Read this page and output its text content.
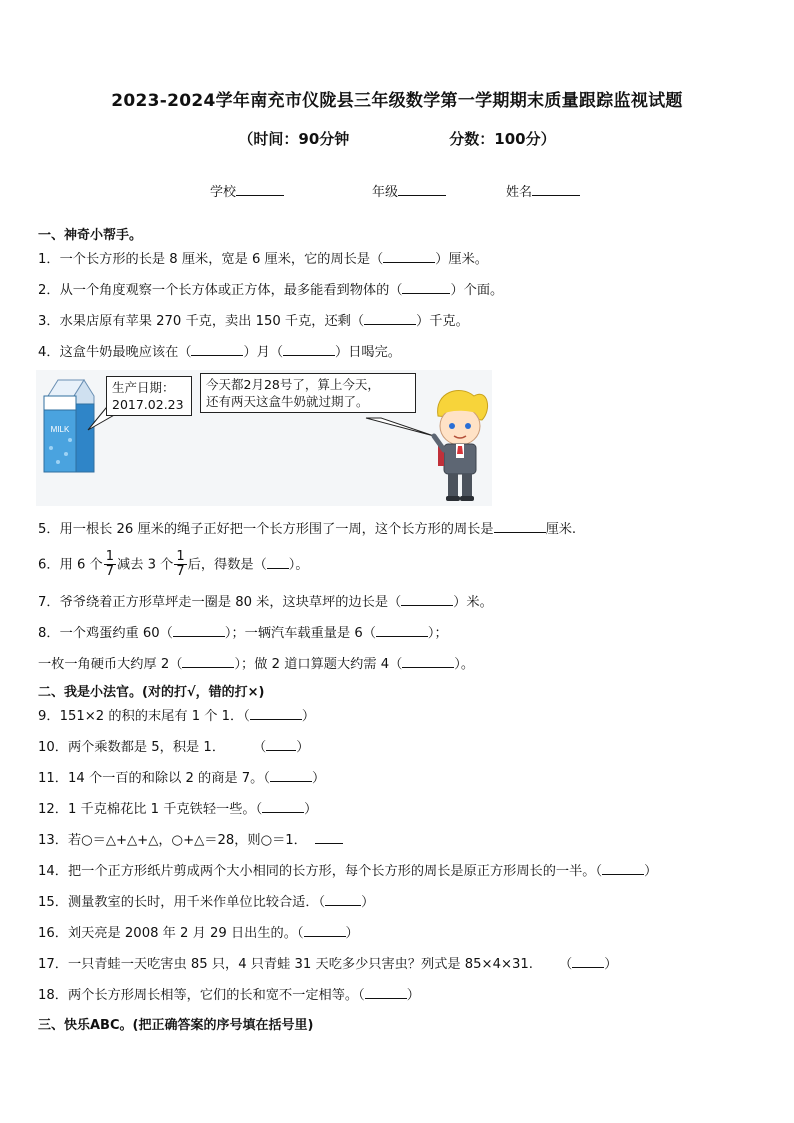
2023-2024学年南充市仪陇县三年级数学第一学期期末质量跟踪监视试题
（时间：90分钟	分数：100分）
学校	年级	姓名
一、神奇小帮手。
1．一个长方形的长是 8 厘米，宽是 6 厘米，它的周长是（	）厘米。
2．从一个角度观察一个长方体或正方体，最多能看到物体的（	）个面。
3．水果店原有苹果 270 千克，卖出 150 千克，还剩（	）千克。
4．这盒牛奶最晚应该在（	）月（	）日喝完。
MILK
生产日期：
2017.02.23
今天都2月28号了，算上今天，
还有两天这盒牛奶就过期了。
5．用一根长 26 厘米的绳子正好把一个长方形围了一周，这个长方形的周长是	厘米.
6．用 6 个 $\frac{1}{7}$ 减去 3 个 $\frac{1}{7}$ 后，得数是（ ）。
7．爷爷绕着正方形草坪走一圈是 80 米，这块草坪的边长是（	）米。
8．一个鸡蛋约重 60（	）；一辆汽车载重量是 6（	）；
一枚一角硬币大约厚 2（	）；做 2 道口算题大约需 4（	）。
二、我是小法官。(对的打√，错的打×)
9．151×2 的积的末尾有 1 个 1．（	）
10．两个乘数都是 5，积是 1． （ ）
11．14 个一百的和除以 2 的商是 7。（	）
12．1 千克棉花比 1 千克铁轻一些。（	）
13．若○＝△+△+△，○+△＝28，则○＝1．
14．把一个正方形纸片剪成两个大小相同的长方形，每个长方形的周长是原正方形周长的一半。（	）
15．测量教室的长时，用千米作单位比较合适．（	）
16．刘天亮是 2008 年 2 月 29 日出生的。（	）
17．一只青蛙一天吃害虫 85 只，4 只青蛙 31 天吃多少只害虫？列式是 85×4×31. （ ）
18．两个长方形周长相等，它们的长和宽不一定相等。（	）
三、快乐ABC。(把正确答案的序号填在括号里)
